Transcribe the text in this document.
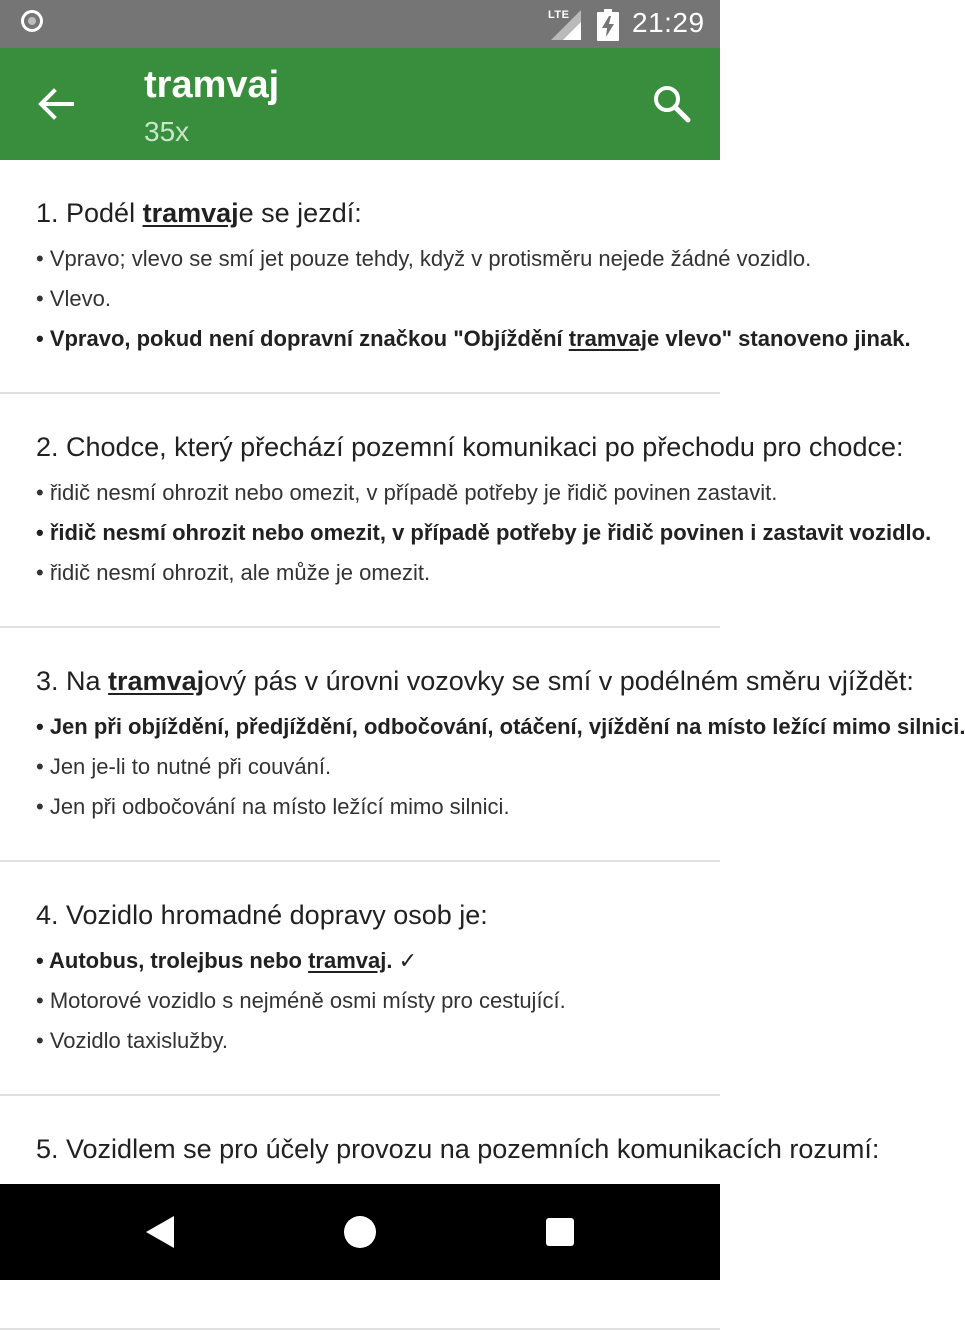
LTE 21:29
tramvaj
35x
1. Podél tramvaje se jezdí:
• Vpravo; vlevo se smí jet pouze tehdy, když v protisměru nejede žádné vozidlo.
• Vlevo.
• Vpravo, pokud není dopravní značkou "Objíždění tramvaje vlevo" stanoveno jinak.
2. Chodce, který přechází pozemní komunikaci po přechodu pro chodce:
• řidič nesmí ohrozit nebo omezit, v případě potřeby je řidič povinen zastavit.
• řidič nesmí ohrozit nebo omezit, v případě potřeby je řidič povinen i zastavit vozidlo.
• řidič nesmí ohrozit, ale může je omezit.
3. Na tramvajový pás v úrovni vozovky se smí v podélném směru vjíždět:
• Jen při objíždění, předjíždění, odbočování, otáčení, vjíždění na místo ležící mimo silnici.
• Jen je-li to nutné při couvání.
• Jen při odbočování na místo ležící mimo silnici.
4. Vozidlo hromadné dopravy osob je:
• Autobus, trolejbus nebo tramvaj. ✓
• Motorové vozidlo s nejméně osmi místy pro cestující.
• Vozidlo taxislužby.
5. Vozidlem se pro účely provozu na pozemních komunikacích rozumí:
